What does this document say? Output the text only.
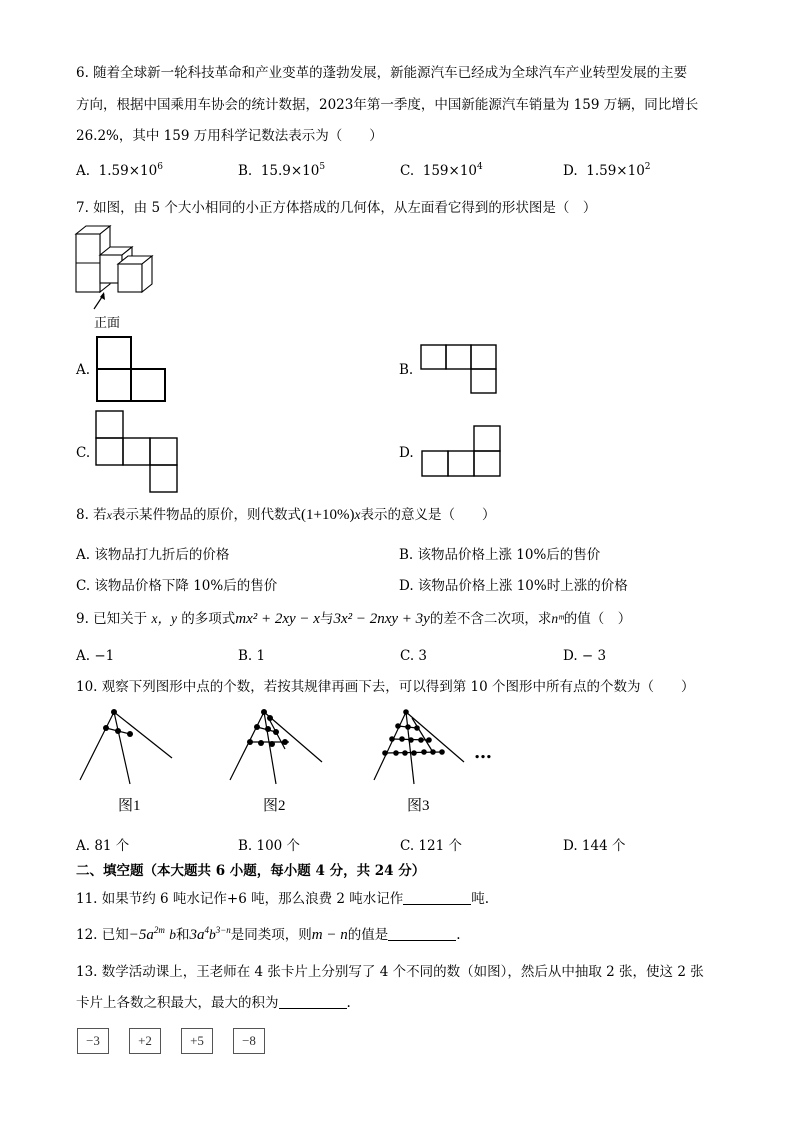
6. 随着全球新一轮科技革命和产业变革的蓬勃发展，新能源汽车已经成为全球汽车产业转型发展的主要
方向，根据中国乘用车协会的统计数据，2023年第一季度，中国新能源汽车销量为 159 万辆，同比增长
26.2%，其中 159 万用科学记数法表示为（　　）
A. $1.59\times 10^6$	B. $15.9\times 10^5$	C. $159\times 10^4$	D. $1.59\times 10^2$
7. 如图，由 5 个大小相同的小正方体搭成的几何体，从左面看它得到的形状图是（　）
正面
A.	B.
C.	D.
8. 若x表示某件物品的原价，则代数式(1+10%)x表示的意义是（　　）
A. 该物品打九折后的价格	B. 该物品价格上涨 10%后的售价
C. 该物品价格下降 10%后的售价	D. 该物品价格上涨 10%时上涨的价格
9. 已知关于 x，y 的多项式mx² + 2xy − x与3x² − 2nxy + 3y的差不含二次项，求nᵐ的值（　）
A. −1	B. 1	C. 3	D. − 3
10. 观察下列图形中点的个数，若按其规律再画下去，可以得到第 10 个图形中所有点的个数为（　　）
图1	图2	图3
…
A. 81 个	B. 100 个	C. 121 个	D. 144 个
二、填空题（本大题共 6 小题，每小题 4 分，共 24 分）
11. 如果节约 6 吨水记作+6 吨，那么浪费 2 吨水记作	吨.
12. 已知$-5a^{2m}$ b和$3a^4b^{3-n}$是同类项，则m − n的值是	.
13. 数学活动课上，王老师在 4 张卡片上分别写了 4 个不同的数（如图），然后从中抽取 2 张，使这 2 张
卡片上各数之积最大，最大的积为	.
−3	+2	+5	−8
